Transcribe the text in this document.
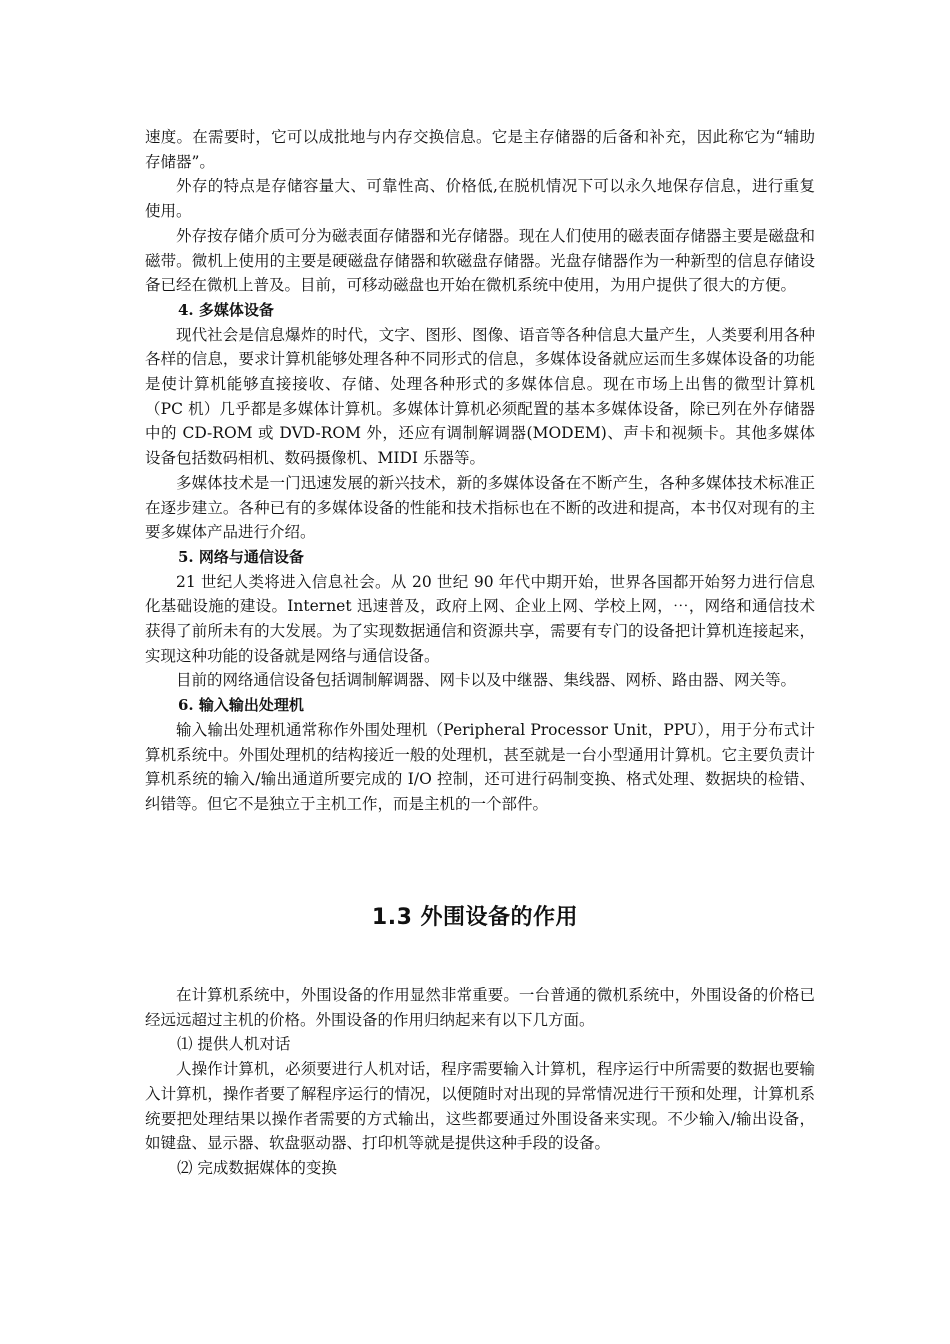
速度。在需要时，它可以成批地与内存交换信息。它是主存储器的后备和补充，因此称它为“辅助存储器”。

外存的特点是存储容量大、可靠性高、价格低,在脱机情况下可以永久地保存信息，进行重复使用。

外存按存储介质可分为磁表面存储器和光存储器。现在人们使用的磁表面存储器主要是磁盘和磁带。微机上使用的主要是硬磁盘存储器和软磁盘存储器。光盘存储器作为一种新型的信息存储设备已经在微机上普及。目前，可移动磁盘也开始在微机系统中使用，为用户提供了很大的方便。

4. 多媒体设备

现代社会是信息爆炸的时代，文字、图形、图像、语音等各种信息大量产生，人类要利用各种各样的信息，要求计算机能够处理各种不同形式的信息，多媒体设备就应运而生多媒体设备的功能是使计算机能够直接接收、存储、处理各种形式的多媒体信息。现在市场上出售的微型计算机（PC 机）几乎都是多媒体计算机。多媒体计算机必须配置的基本多媒体设备，除已列在外存储器中的 CD-ROM 或 DVD-ROM 外，还应有调制解调器(MODEM)、声卡和视频卡。其他多媒体设备包括数码相机、数码摄像机、MIDI 乐器等。

多媒体技术是一门迅速发展的新兴技术，新的多媒体设备在不断产生，各种多媒体技术标准正在逐步建立。各种已有的多媒体设备的性能和技术指标也在不断的改进和提高，本书仅对现有的主要多媒体产品进行介绍。

5. 网络与通信设备

21 世纪人类将进入信息社会。从 20 世纪 90 年代中期开始，世界各国都开始努力进行信息化基础设施的建设。Internet 迅速普及，政府上网、企业上网、学校上网，⋯，网络和通信技术获得了前所未有的大发展。为了实现数据通信和资源共享，需要有专门的设备把计算机连接起来，实现这种功能的设备就是网络与通信设备。

目前的网络通信设备包括调制解调器、网卡以及中继器、集线器、网桥、路由器、网关等。

6. 输入输出处理机

输入输出处理机通常称作外围处理机（Peripheral Processor Unit，PPU），用于分布式计算机系统中。外围处理机的结构接近一般的处理机，甚至就是一台小型通用计算机。它主要负责计算机系统的输入/输出通道所要完成的 I/O 控制，还可进行码制变换、格式处理、数据块的检错、纠错等。但它不是独立于主机工作，而是主机的一个部件。

1.3 外围设备的作用

在计算机系统中，外围设备的作用显然非常重要。一台普通的微机系统中，外围设备的价格已经远远超过主机的价格。外围设备的作用归纳起来有以下几方面。

⑴ 提供人机对话

人操作计算机，必须要进行人机对话，程序需要输入计算机，程序运行中所需要的数据也要输入计算机，操作者要了解程序运行的情况，以便随时对出现的异常情况进行干预和处理，计算机系统要把处理结果以操作者需要的方式输出，这些都要通过外围设备来实现。不少输入/输出设备，如键盘、显示器、软盘驱动器、打印机等就是提供这种手段的设备。

⑵ 完成数据媒体的变换
